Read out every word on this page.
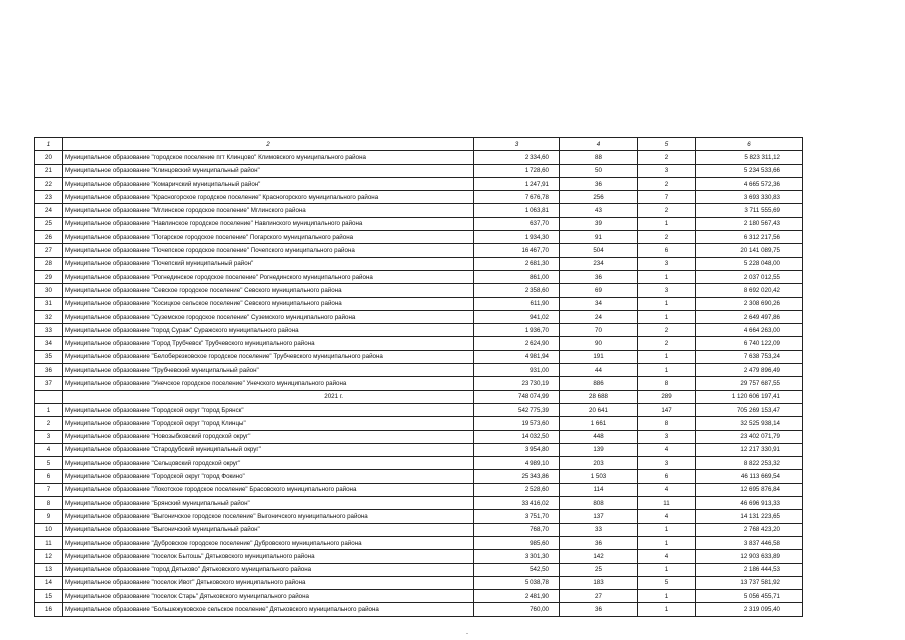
1	2	3	4	5	6
20	Муниципальное образование "городское поселение пгт Клинцово" Климовского муниципального района	2 334,60	88	2	5 823 311,12
21	Муниципальное образование "Клинцовский муниципальный район"	1 728,60	50	3	5 234 533,66
22	Муниципальное образование "Комаричский муниципальный район"	1 247,91	36	2	4 665 572,36
23	Муниципальное образование "Красногорское городское поселение" Красногорского муниципального района	7 676,78	256	7	3 693 330,83
24	Муниципальное образование "Мглинское городское поселение" Мглинского района	1 063,81	43	2	3 711 555,69
25	Муниципальное образование "Навлинское городское поселение" Навлинского муниципального района	637,70	39	1	2 180 567,43
26	Муниципальное образование "Погарское городское поселение" Погарского муниципального района	1 934,30	91	2	6 312 217,56
27	Муниципальное образование "Почепское городское поселение" Почепского муниципального района	16 467,70	504	6	20 141 089,75
28	Муниципальное образование "Почепский муниципальный район"	2 681,30	234	3	5 228 048,00
29	Муниципальное образование "Рогнединское городское поселение" Рогнединского муниципального района	861,00	36	1	2 037 012,55
30	Муниципальное образование "Севское городское поселение" Севского муниципального района	2 358,60	69	3	8 692 020,42
31	Муниципальное образование "Косицкое сельское поселение" Севского муниципального района	611,90	34	1	2 308 690,26
32	Муниципальное образование "Суземское городское поселение" Суземского муниципального района	941,02	24	1	2 649 497,86
33	Муниципальное образование "город Сураж" Суражского муниципального района	1 936,70	70	2	4 664 263,00
34	Муниципальное образование "Город Трубчевск" Трубчевского муниципального района	2 624,90	90	2	6 740 122,09
35	Муниципальное образование "Белоберезковское городское поселение" Трубчевского муниципального района	4 981,94	191	1	7 638 753,24
36	Муниципальное образование "Трубчевский муниципальный район"	931,00	44	1	2 479 896,49
37	Муниципальное образование "Унечское городское поселение" Унечского муниципального района	23 730,19	886	8	29 757 687,55
	2021 г.	748 074,99	28 688	289	1 120 606 197,41
1	Муниципальное образование "Городской округ "город Брянск"	542 775,39	20 641	147	705 269 153,47
2	Муниципальное образование "Городской округ "город Клинцы"	19 573,60	1 661	8	32 525 938,14
3	Муниципальное образование "Новозыбковский городской округ"	14 032,50	448	3	23 402 071,79
4	Муниципальное образование "Стародубский муниципальный округ"	3 954,80	139	4	12 217 330,91
5	Муниципальное образование "Сельцовский городской округ"	4 989,10	203	3	8 822 253,32
6	Муниципальное образование "Городской округ "город Фокино"	25 343,86	1 503	6	46 113 669,54
7	Муниципальное образование "Локотское городское поселение" Брасовского муниципального района	2 528,60	114	4	12 695 876,84
8	Муниципальное образование "Брянский муниципальный район"	33 416,02	808	11	46 696 913,33
9	Муниципальное образование "Выгоничское городское поселение" Выгоничского муниципального района	3 751,70	137	4	14 131 223,65
10	Муниципальное образование "Выгоничский муниципальный район"	768,70	33	1	2 768 423,20
11	Муниципальное образование "Дубровское городское поселение" Дубровского муниципального района	985,60	36	1	3 837 446,58
12	Муниципальное образование "поселок Бытошь" Дятьковского муниципального района	3 301,30	142	4	12 903 633,89
13	Муниципальное образование "город Дятьково" Дятьковского муниципального района	542,50	25	1	2 186 444,53
14	Муниципальное образование "поселок Ивот" Дятьковского муниципального района	5 038,78	183	5	13 737 581,92
15	Муниципальное образование "поселок Старь" Дятьковского муниципального района	2 481,90	27	1	5 056 455,71
16	Муниципальное образование "Большежуковское сельское поселение" Дятьковского муниципального района	760,00	36	1	2 319 095,40
-
